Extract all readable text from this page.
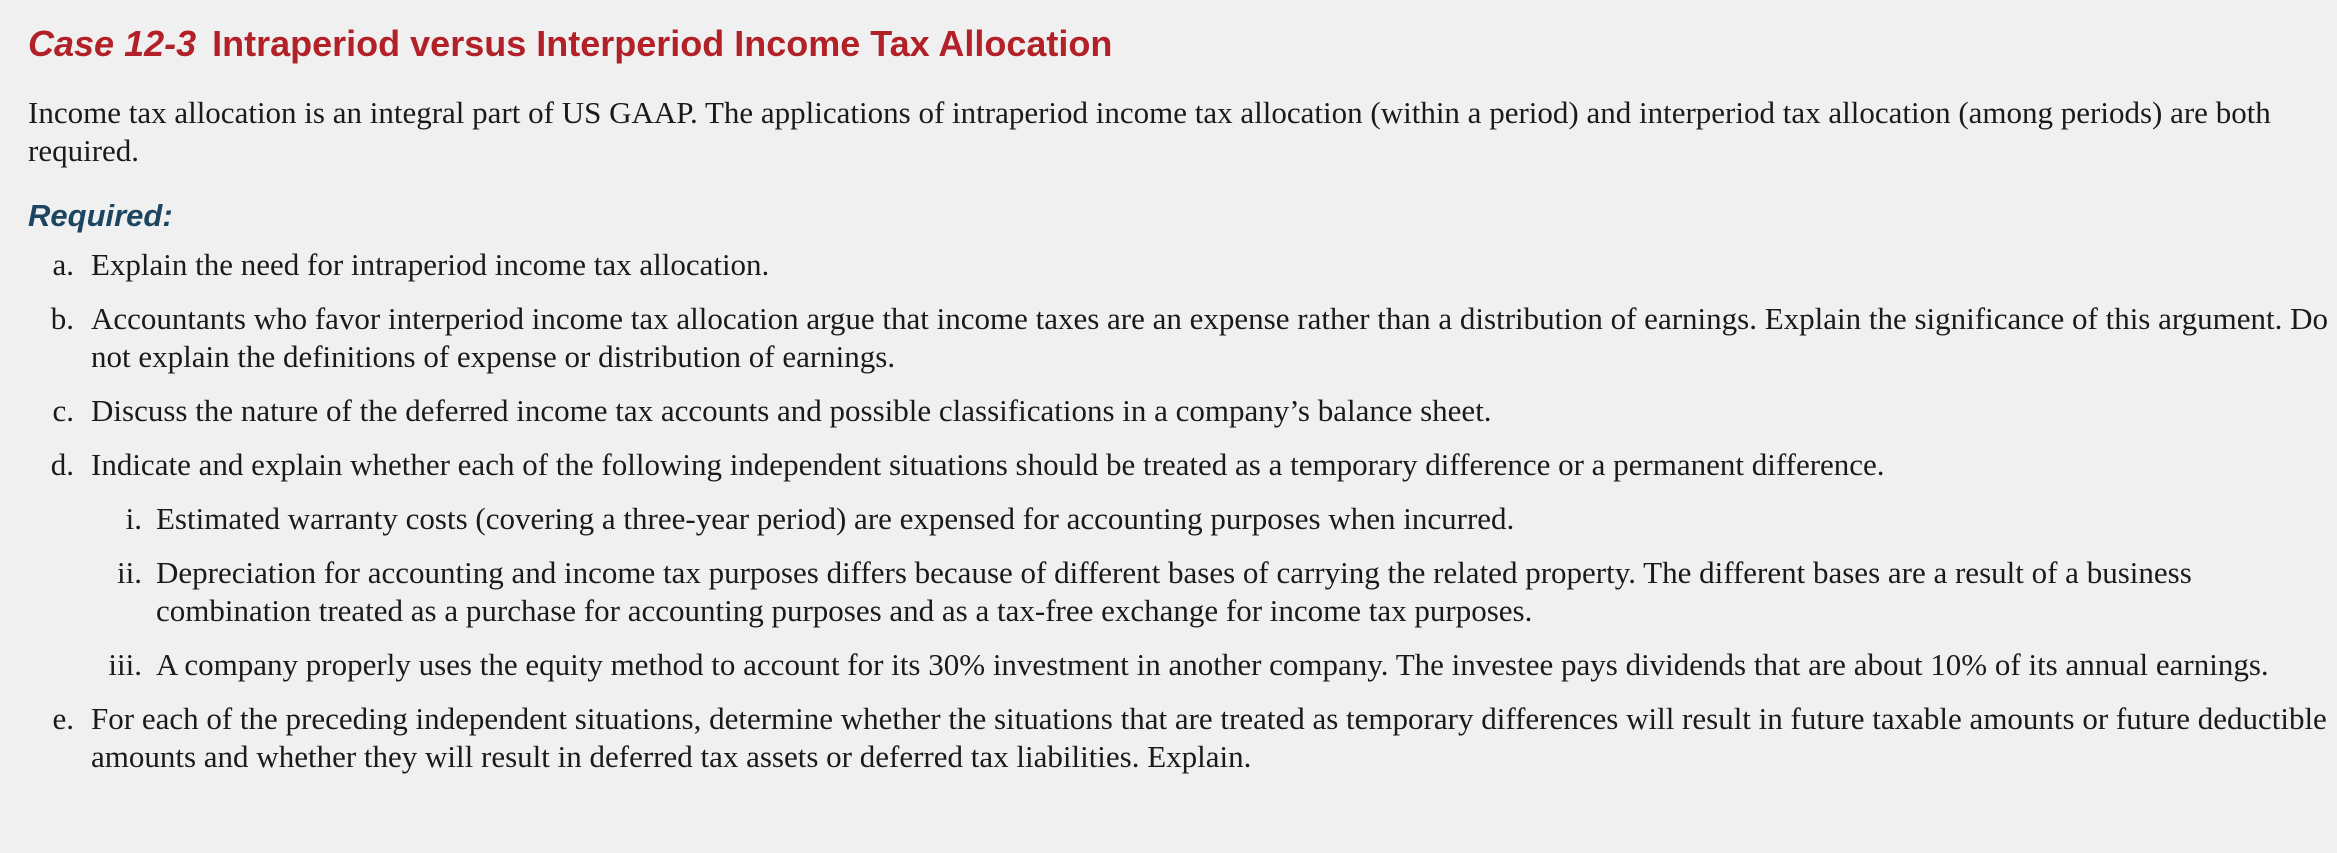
Case 12-3 Intraperiod versus Interperiod Income Tax Allocation

Income tax allocation is an integral part of US GAAP. The applications of intraperiod income tax allocation (within a period) and interperiod tax allocation (among periods) are both required.

Required:
a. Explain the need for intraperiod income tax allocation.
b. Accountants who favor interperiod income tax allocation argue that income taxes are an expense rather than a distribution of earnings. Explain the significance of this argument. Do not explain the definitions of expense or distribution of earnings.
c. Discuss the nature of the deferred income tax accounts and possible classifications in a company’s balance sheet.
d. Indicate and explain whether each of the following independent situations should be treated as a temporary difference or a permanent difference.
i. Estimated warranty costs (covering a three-year period) are expensed for accounting purposes when incurred.
ii. Depreciation for accounting and income tax purposes differs because of different bases of carrying the related property. The different bases are a result of a business combination treated as a purchase for accounting purposes and as a tax-free exchange for income tax purposes.
iii. A company properly uses the equity method to account for its 30% investment in another company. The investee pays dividends that are about 10% of its annual earnings.
e. For each of the preceding independent situations, determine whether the situations that are treated as temporary differences will result in future taxable amounts or future deductible amounts and whether they will result in deferred tax assets or deferred tax liabilities. Explain.
